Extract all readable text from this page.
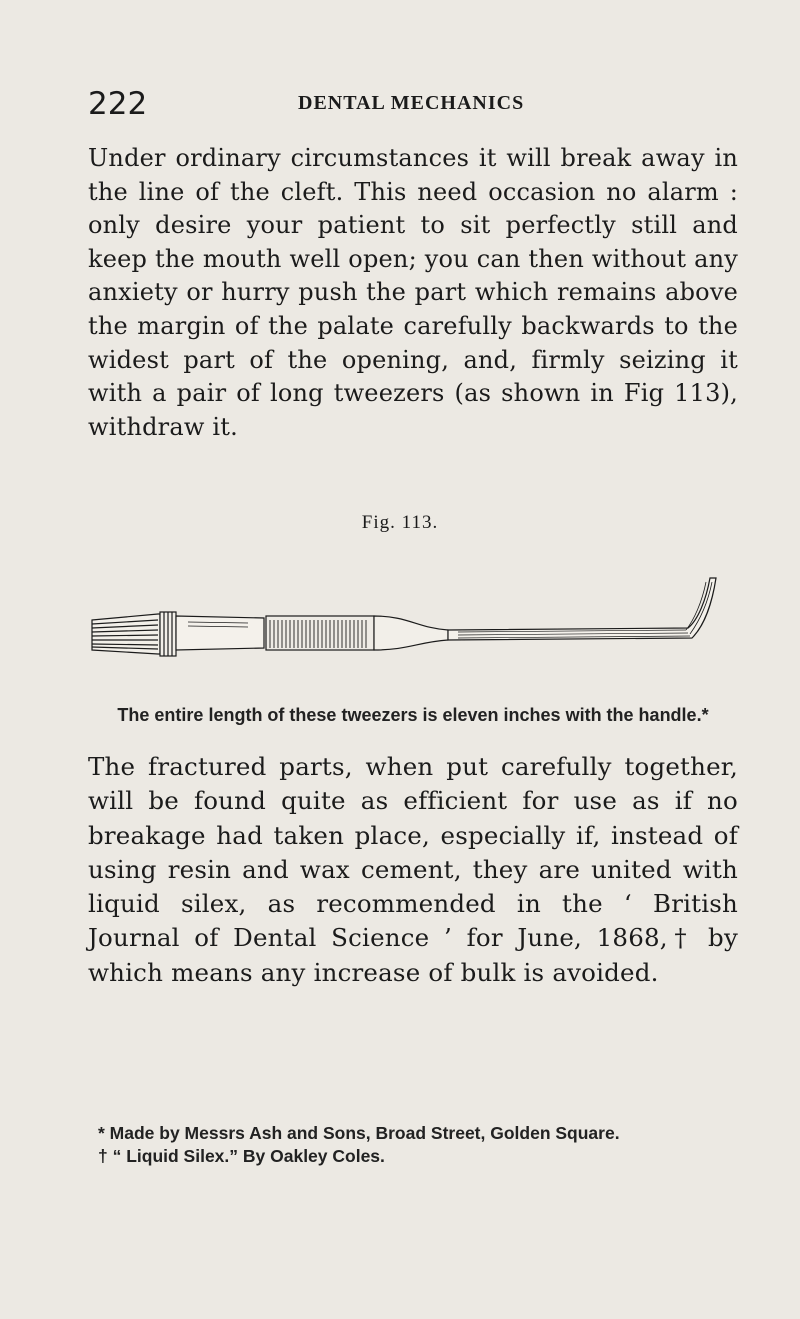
222	DENTAL MECHANICS

Under ordinary circumstances it will break away in the line of the cleft. This need occasion no alarm : only desire your patient to sit perfectly still and keep the mouth well open; you can then without any anxiety or hurry push the part which remains above the margin of the palate carefully backwards to the widest part of the opening, and, firmly seizing it with a pair of long tweezers (as shown in Fig 113), withdraw it.

Fig. 113.
The entire length of these tweezers is eleven inches with the handle.*

The fractured parts, when put carefully together, will be found quite as efficient for use as if no breakage had taken place, especially if, instead of using resin and wax cement, they are united with liquid silex, as recommended in the ‘ British Journal of Dental Science ’ for June, 1868,† by which means any increase of bulk is avoided.

* Made by Messrs Ash and Sons, Broad Street, Golden Square.

† “ Liquid Silex.” By Oakley Coles.
